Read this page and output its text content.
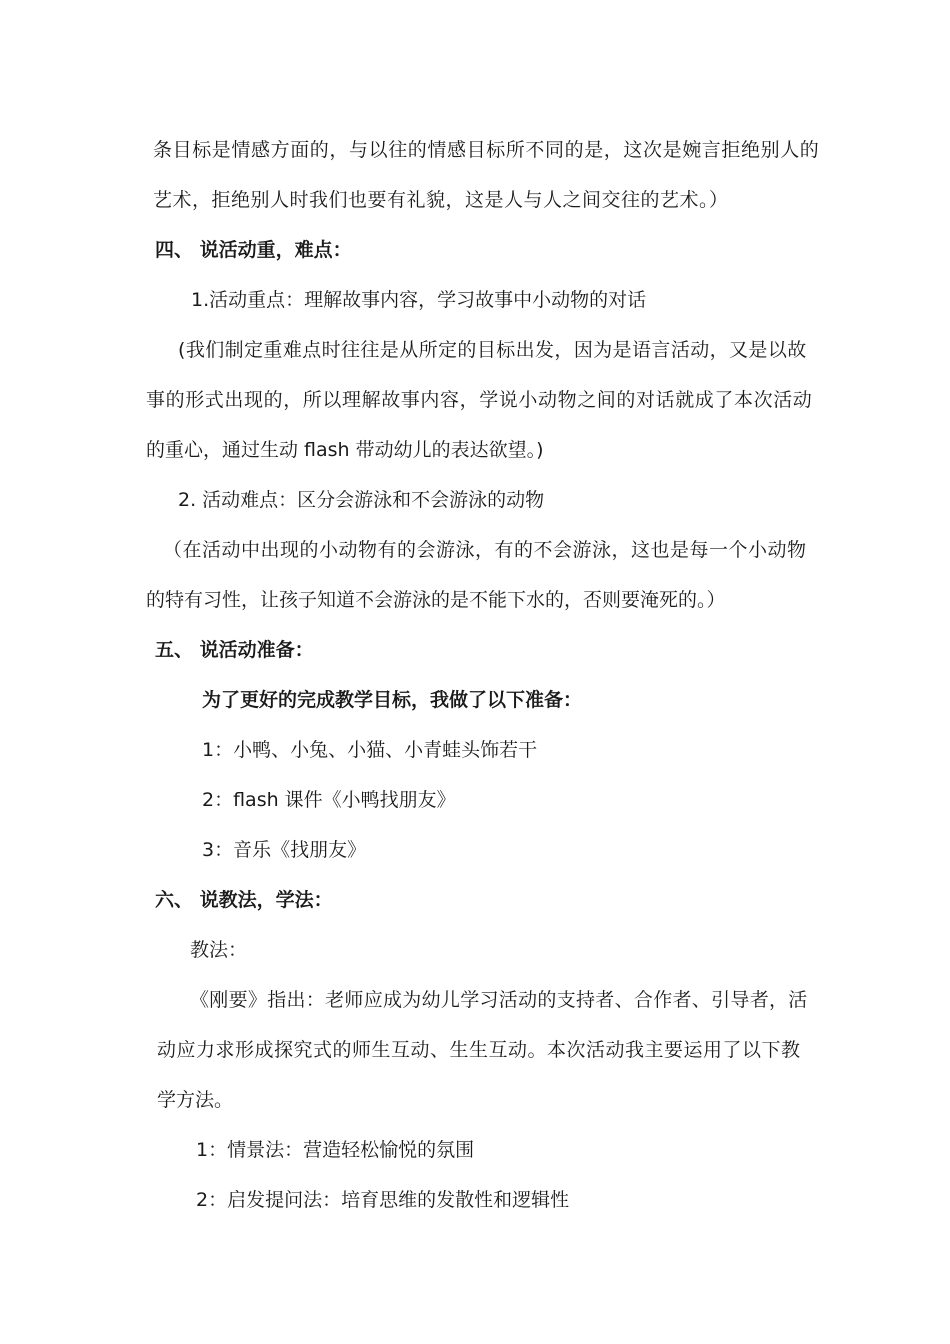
条目标是情感方面的，与以往的情感目标所不同的是，这次是婉言拒绝别人的
艺术，拒绝别人时我们也要有礼貌，这是人与人之间交往的艺术。）
四、 说活动重，难点：
1.活动重点：理解故事内容，学习故事中小动物的对话
(我们制定重难点时往往是从所定的目标出发，因为是语言活动，又是以故
事的形式出现的，所以理解故事内容，学说小动物之间的对话就成了本次活动
的重心，通过生动 flash 带动幼儿的表达欲望。)
2. 活动难点：区分会游泳和不会游泳的动物
（在活动中出现的小动物有的会游泳，有的不会游泳，这也是每一个小动物
的特有习性，让孩子知道不会游泳的是不能下水的，否则要淹死的。）
五、 说活动准备：
为了更好的完成教学目标，我做了以下准备：
1：小鸭、小兔、小猫、小青蛙头饰若干
2：flash 课件《小鸭找朋友》
3：音乐《找朋友》
六、 说教法，学法：
教法：
《刚要》指出：老师应成为幼儿学习活动的支持者、合作者、引导者，活
动应力求形成探究式的师生互动、生生互动。本次活动我主要运用了以下教
学方法。
1：情景法：营造轻松愉悦的氛围
2：启发提问法：培育思维的发散性和逻辑性
